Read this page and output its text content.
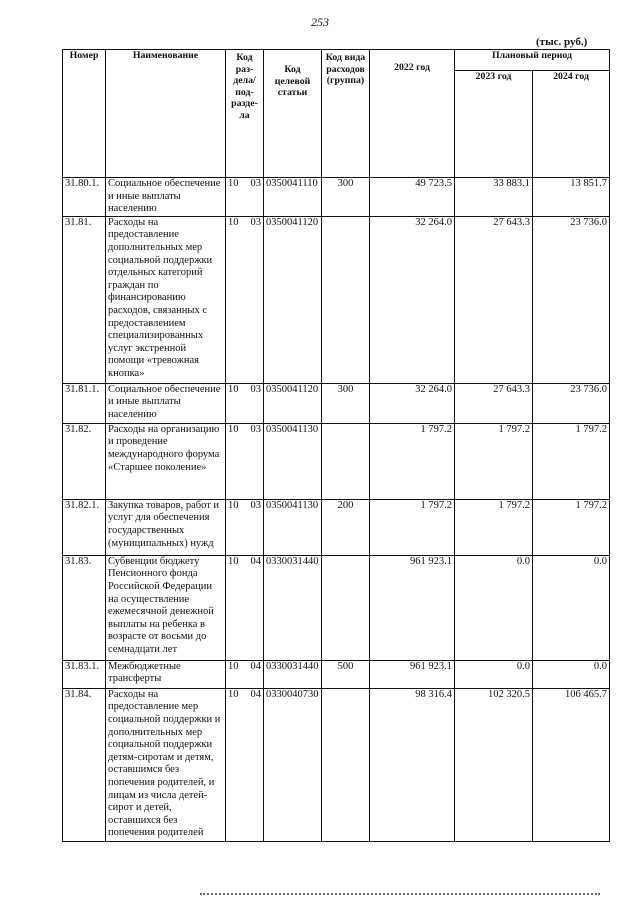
253
(тыс. руб.)
Номер	Наименование	Код раз-дела/ под-разде-ла	Код целевой статьи	Код вида расходов (группа)	2022 год	Плановый период	
						2023 год	2024 год
31.80.1.	Социальное обеспечение и иные выплаты населению	10 03	0350041110	300	49 723.5	33 883.1	13 851.7
31.81.	Расходы на предоставление дополнительных мер социальной поддержки отдельных категорий граждан по финансированию расходов, связанных с предоставлением специализированных услуг экстренной помощи «тревожная кнопка»	10 03	0350041120		32 264.0	27 643.3	23 736.0
31.81.1.	Социальное обеспечение и иные выплаты населению	10 03	0350041120	300	32 264.0	27 643.3	23 736.0
31.82.	Расходы на организацию и проведение международного форума «Старшее поколение»	10 03	0350041130		1 797.2	1 797.2	1 797.2
31.82.1.	Закупка товаров, работ и услуг для обеспечения государственных (муниципальных) нужд	10 03	0350041130	200	1 797.2	1 797.2	1 797.2
31.83.	Субвенции бюджету Пенсионного фонда Российской Федерации на осуществление ежемесячной денежной выплаты на ребенка в возрасте от восьми до семнадцати лет	10 04	0330031440		961 923.1	0.0	0.0
31.83.1.	Межбюджетные трансферты	10 04	0330031440	500	961 923.1	0.0	0.0
31.84.	Расходы на предоставление мер социальной поддержки и дополнительных мер социальной поддержки детям-сиротам и детям, оставшимся без попечения родителей, и лицам из числа детей-сирот и детей, оставшихся без попечения родителей	10 04	0330040730		98 316.4	102 320.5	106 465.7
